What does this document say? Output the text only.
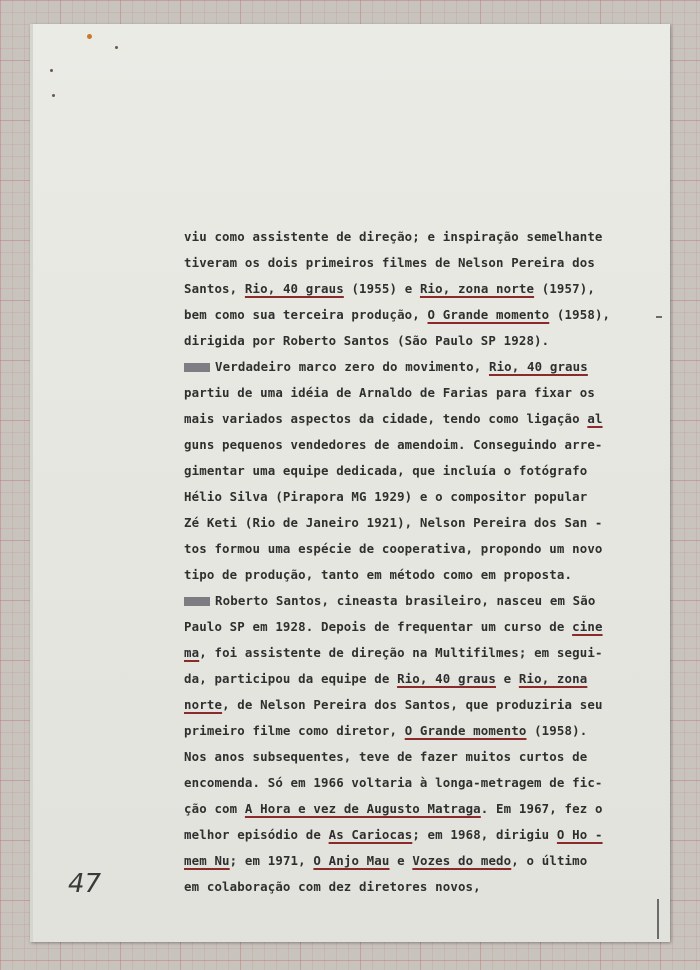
viu como assistente de direção; e inspiração semelhante
tiveram os dois primeiros filmes de Nelson Pereira dos
Santos, Rio, 40 graus (1955) e Rio, zona norte (1957),
bem como sua terceira produção, O Grande momento (1958),
dirigida por Roberto Santos (São Paulo SP 1928).
Verdadeiro marco zero do movimento, Rio, 40 graus
partiu de uma idéia de Arnaldo de Farias para fixar os
mais variados aspectos da cidade, tendo como ligação al
guns pequenos vendedores de amendoim. Conseguindo arre-
gimentar uma equipe dedicada, que incluía o fotógrafo
Hélio Silva (Pirapora MG 1929) e o compositor popular
Zé Keti (Rio de Janeiro 1921), Nelson Pereira dos San -
tos formou uma espécie de cooperativa, propondo um novo
tipo de produção, tanto em método como em proposta.
Roberto Santos, cineasta brasileiro, nasceu em São
Paulo SP em 1928. Depois de frequentar um curso de cine
ma, foi assistente de direção na Multifilmes; em segui-
da, participou da equipe de Rio, 40 graus e Rio, zona
norte, de Nelson Pereira dos Santos, que produziria seu
primeiro filme como diretor, O Grande momento (1958).
Nos anos subsequentes, teve de fazer muitos curtos de
encomenda. Só em 1966 voltaria à longa-metragem de fic-
ção com A Hora e vez de Augusto Matraga. Em 1967, fez o
melhor episódio de As Cariocas; em 1968, dirigiu O Ho -
mem Nu; em 1971, O Anjo Mau e Vozes do medo, o último
em colaboração com dez diretores novos,
47
